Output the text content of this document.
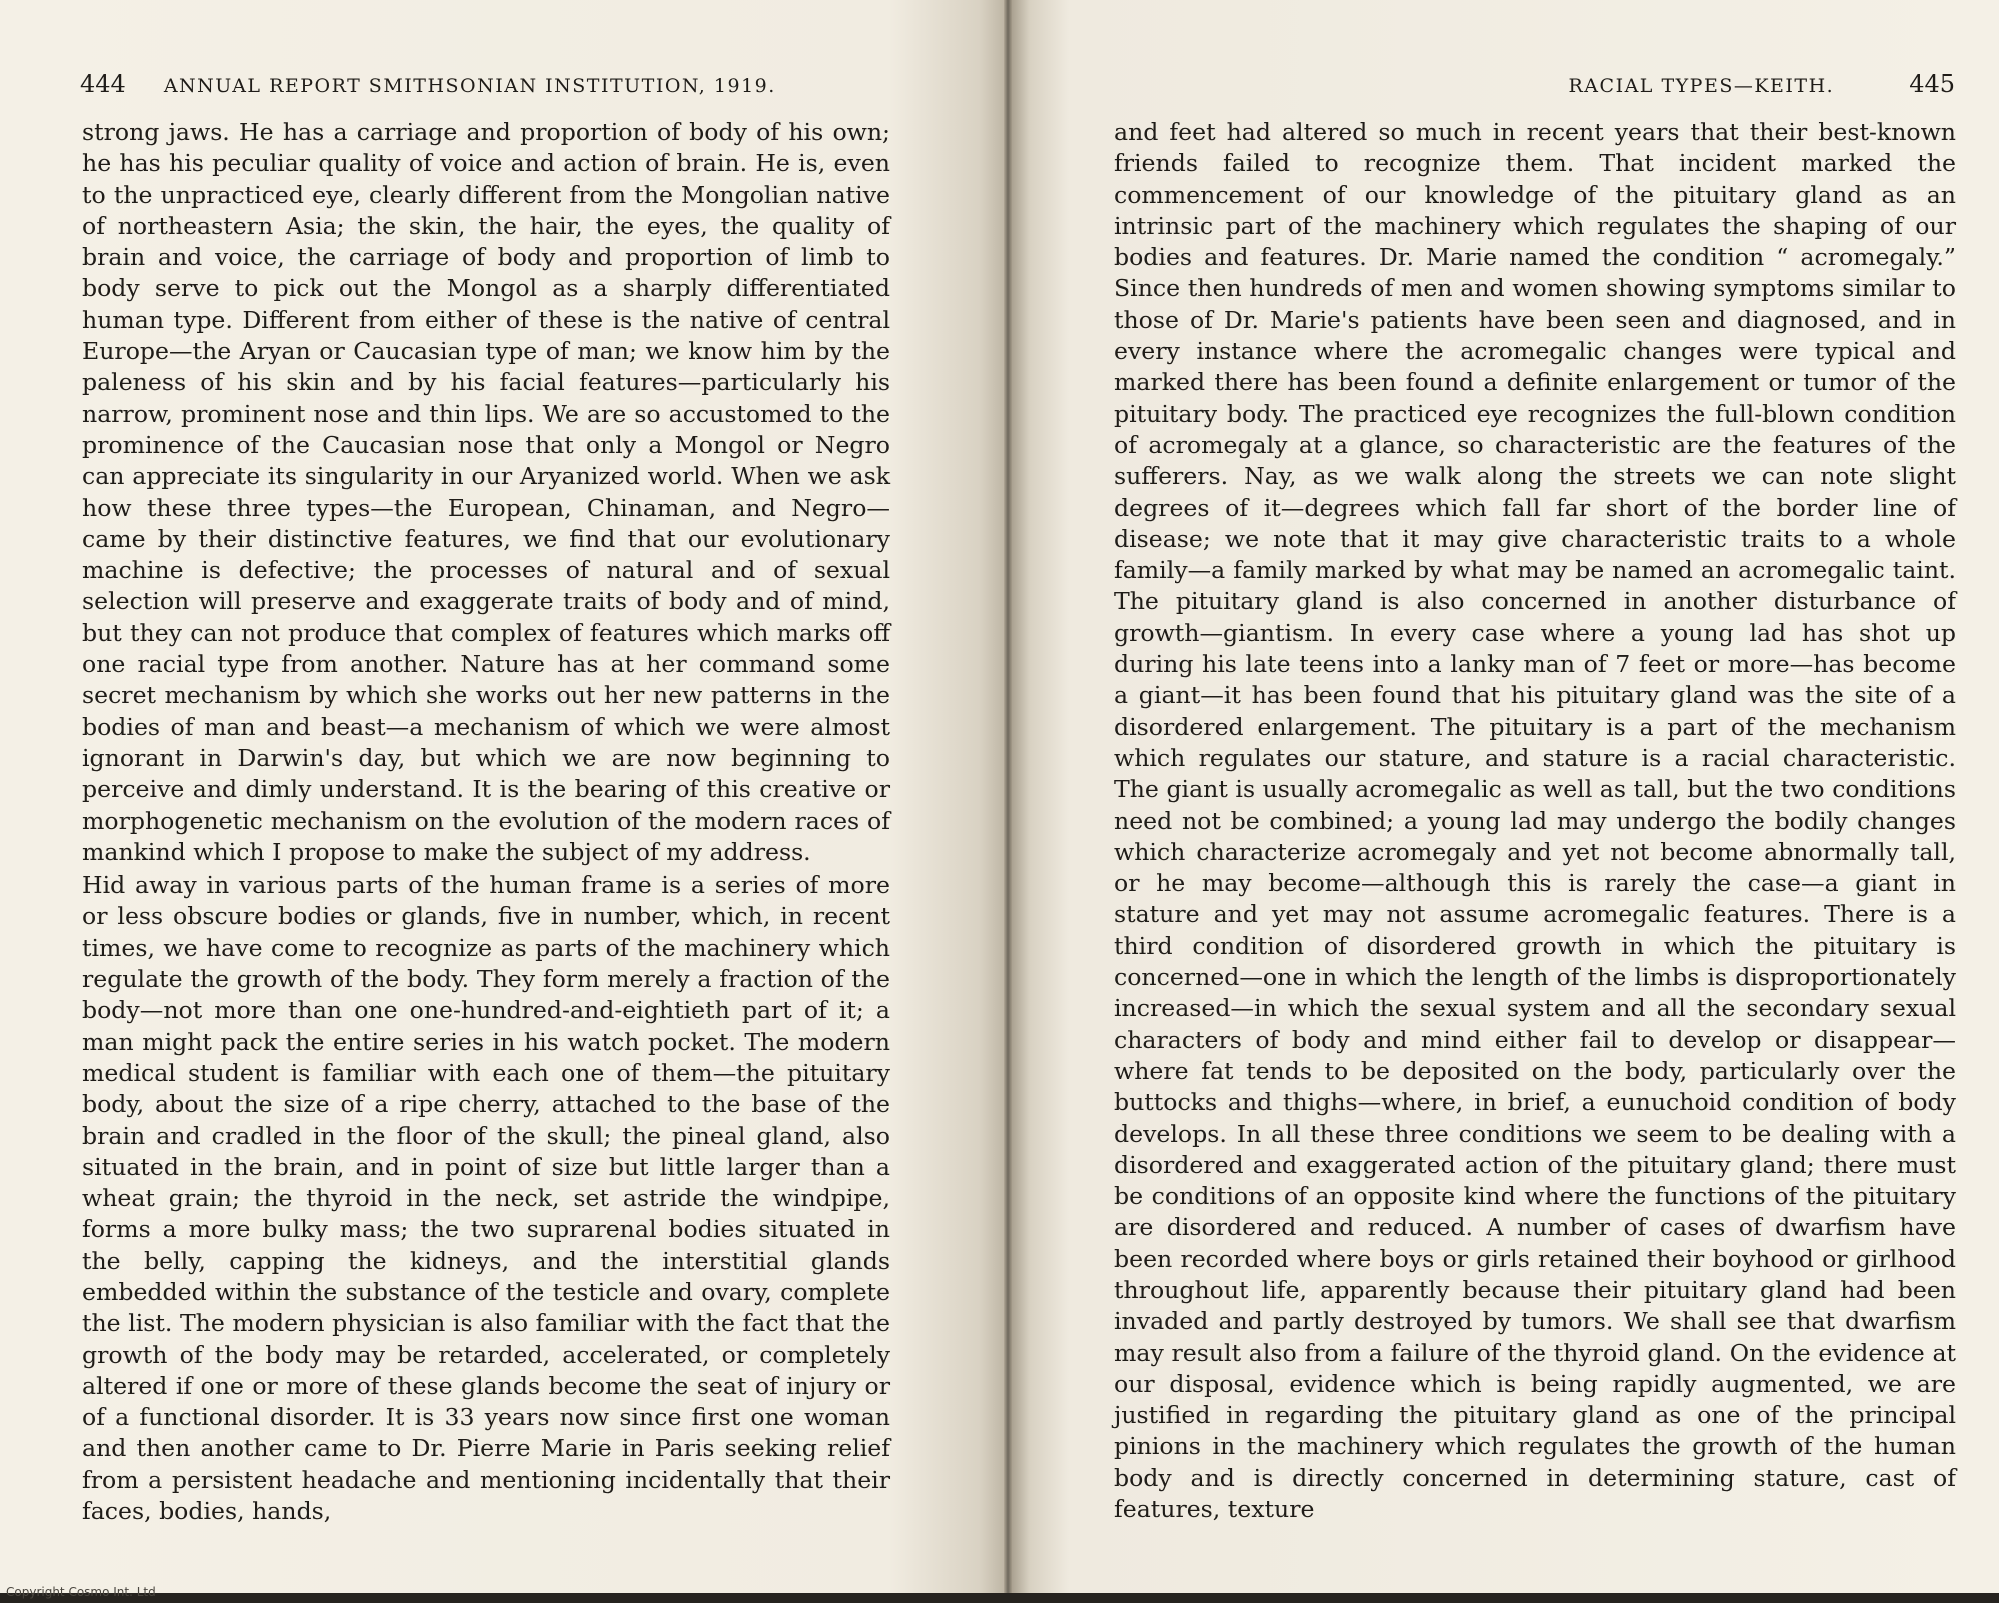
444 ANNUAL REPORT SMITHSONIAN INSTITUTION, 1919.

strong jaws. He has a carriage and proportion of body of his own; he has his peculiar quality of voice and action of brain. He is, even to the unpracticed eye, clearly different from the Mongolian native of northeastern Asia; the skin, the hair, the eyes, the quality of brain and voice, the carriage of body and proportion of limb to body serve to pick out the Mongol as a sharply differentiated human type. Different from either of these is the native of central Europe—the Aryan or Caucasian type of man; we know him by the paleness of his skin and by his facial features—particularly his narrow, prominent nose and thin lips. We are so accustomed to the prominence of the Caucasian nose that only a Mongol or Negro can appreciate its singularity in our Aryanized world. When we ask how these three types—the European, Chinaman, and Negro—came by their distinctive features, we find that our evolutionary machine is defective; the processes of natural and of sexual selection will preserve and exaggerate traits of body and of mind, but they can not produce that complex of features which marks off one racial type from another. Nature has at her command some secret mechanism by which she works out her new patterns in the bodies of man and beast—a mechanism of which we were almost ignorant in Darwin's day, but which we are now beginning to perceive and dimly understand. It is the bearing of this creative or morphogenetic mechanism on the evolution of the modern races of mankind which I propose to make the subject of my address.

Hid away in various parts of the human frame is a series of more or less obscure bodies or glands, five in number, which, in recent times, we have come to recognize as parts of the machinery which regulate the growth of the body. They form merely a fraction of the body—not more than one one-hundred-and-eightieth part of it; a man might pack the entire series in his watch pocket. The modern medical student is familiar with each one of them—the pituitary body, about the size of a ripe cherry, attached to the base of the brain and cradled in the floor of the skull; the pineal gland, also situated in the brain, and in point of size but little larger than a wheat grain; the thyroid in the neck, set astride the windpipe, forms a more bulky mass; the two suprarenal bodies situated in the belly, capping the kidneys, and the interstitial glands embedded within the substance of the testicle and ovary, complete the list. The modern physician is also familiar with the fact that the growth of the body may be retarded, accelerated, or completely altered if one or more of these glands become the seat of injury or of a functional disorder. It is 33 years now since first one woman and then another came to Dr. Pierre Marie in Paris seeking relief from a persistent headache and mentioning incidentally that their faces, bodies, hands,

RACIAL TYPES—KEITH.	445

and feet had altered so much in recent years that their best-known friends failed to recognize them. That incident marked the commencement of our knowledge of the pituitary gland as an intrinsic part of the machinery which regulates the shaping of our bodies and features. Dr. Marie named the condition “ acromegaly.” Since then hundreds of men and women showing symptoms similar to those of Dr. Marie's patients have been seen and diagnosed, and in every instance where the acromegalic changes were typical and marked there has been found a definite enlargement or tumor of the pituitary body. The practiced eye recognizes the full-blown condition of acromegaly at a glance, so characteristic are the features of the sufferers. Nay, as we walk along the streets we can note slight degrees of it—degrees which fall far short of the border line of disease; we note that it may give characteristic traits to a whole family—a family marked by what may be named an acromegalic taint. The pituitary gland is also concerned in another disturbance of growth—giantism. In every case where a young lad has shot up during his late teens into a lanky man of 7 feet or more—has become a giant—it has been found that his pituitary gland was the site of a disordered enlargement. The pituitary is a part of the mechanism which regulates our stature, and stature is a racial characteristic. The giant is usually acromegalic as well as tall, but the two conditions need not be combined; a young lad may undergo the bodily changes which characterize acromegaly and yet not become abnormally tall, or he may become—although this is rarely the case—a giant in stature and yet may not assume acromegalic features. There is a third condition of disordered growth in which the pituitary is concerned—one in which the length of the limbs is disproportionately increased—in which the sexual system and all the secondary sexual characters of body and mind either fail to develop or disappear—where fat tends to be deposited on the body, particularly over the buttocks and thighs—where, in brief, a eunuchoid condition of body develops. In all these three conditions we seem to be dealing with a disordered and exaggerated action of the pituitary gland; there must be conditions of an opposite kind where the functions of the pituitary are disordered and reduced. A number of cases of dwarfism have been recorded where boys or girls retained their boyhood or girlhood throughout life, apparently because their pituitary gland had been invaded and partly destroyed by tumors. We shall see that dwarfism may result also from a failure of the thyroid gland. On the evidence at our disposal, evidence which is being rapidly augmented, we are justified in regarding the pituitary gland as one of the principal pinions in the machinery which regulates the growth of the human body and is directly concerned in determining stature, cast of features, texture

Copyright Cosmo Int. Ltd
